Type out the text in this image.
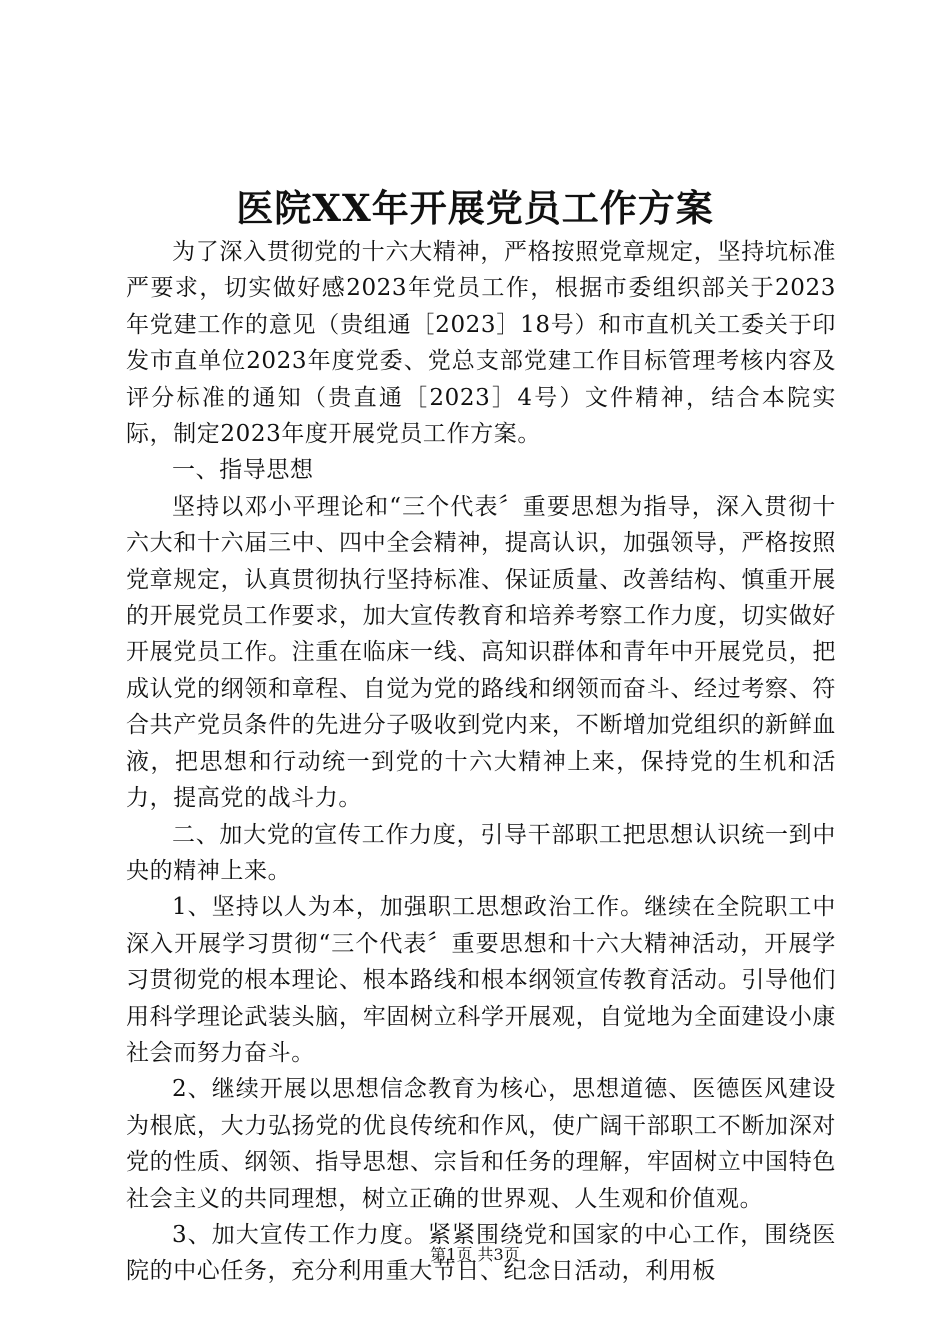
医院XX年开展党员工作方案

为了深入贯彻党的十六大精神，严格按照党章规定，坚持坑标准严要求，切实做好感2023年党员工作，根据市委组织部关于2023年党建工作的意见（贵组通［2023］18号）和市直机关工委关于印发市直单位2023年度党委、党总支部党建工作目标管理考核内容及评分标准的通知（贵直通［2023］4号）文件精神，结合本院实际，制定2023年度开展党员工作方案。

一、指导思想

坚持以邓小平理论和“三个代表〞重要思想为指导，深入贯彻十六大和十六届三中、四中全会精神，提高认识，加强领导，严格按照党章规定，认真贯彻执行坚持标准、保证质量、改善结构、慎重开展的开展党员工作要求，加大宣传教育和培养考察工作力度，切实做好开展党员工作。注重在临床一线、高知识群体和青年中开展党员，把成认党的纲领和章程、自觉为党的路线和纲领而奋斗、经过考察、符合共产党员条件的先进分子吸收到党内来，不断增加党组织的新鲜血液，把思想和行动统一到党的十六大精神上来，保持党的生机和活力，提高党的战斗力。

二、加大党的宣传工作力度，引导干部职工把思想认识统一到中央的精神上来。

1、坚持以人为本，加强职工思想政治工作。继续在全院职工中深入开展学习贯彻“三个代表〞重要思想和十六大精神活动，开展学习贯彻党的根本理论、根本路线和根本纲领宣传教育活动。引导他们用科学理论武装头脑，牢固树立科学开展观，自觉地为全面建设小康社会而努力奋斗。

2、继续开展以思想信念教育为核心，思想道德、医德医风建设为根底，大力弘扬党的优良传统和作风，使广阔干部职工不断加深对党的性质、纲领、指导思想、宗旨和任务的理解，牢固树立中国特色社会主义的共同理想，树立正确的世界观、人生观和价值观。

3、加大宣传工作力度。紧紧围绕党和国家的中心工作，围绕医院的中心任务，充分利用重大节日、纪念日活动，利用板

第1页 共3页
